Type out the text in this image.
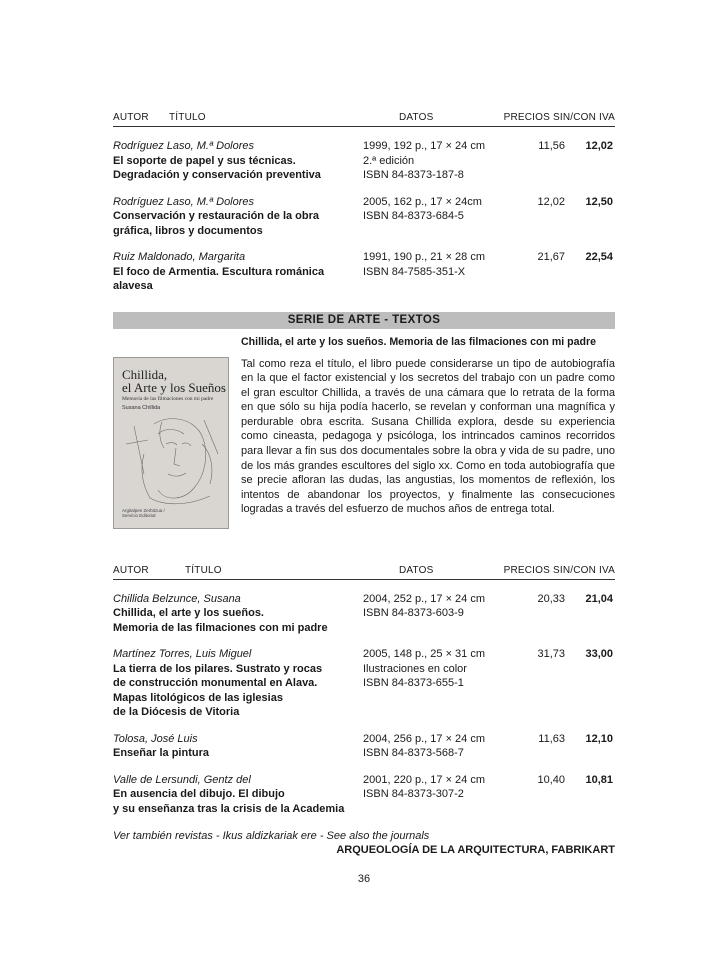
AUTOR TÍTULO	DATOS	PRECIOS SIN/CON IVA
Rodríguez Laso, M.ª Dolores
El soporte de papel y sus técnicas.
Degradación y conservación preventiva
1999, 192 p., 17 × 24 cm
2.ª edición
ISBN 84-8373-187-8
11,56 12,02
Rodríguez Laso, M.ª Dolores
Conservación y restauración de la obra
gráfica, libros y documentos
2005, 162 p., 17 × 24cm
ISBN 84-8373-684-5
12,02 12,50
Ruiz Maldonado, Margarita
El foco de Armentia. Escultura románica
alavesa
1991, 190 p., 21 × 28 cm
ISBN 84-7585-351-X
21,67 22,54
SERIE DE ARTE - TEXTOS
Chillida,
el Arte y los Sueños
Memoria de las filmaciones con mi padre
Susana Chillida
Argitalpen Zerbitzua / Servicio Editorial
Chillida, el arte y los sueños. Memoria de las filmaciones con mi padre

Tal como reza el título, el libro puede considerarse un tipo de autobiografía en la que el factor existencial y los secretos del trabajo con un padre como el gran escultor Chillida, a través de una cámara que lo retrata de la forma en que sólo su hija podía hacerlo, se revelan y conforman una magnífica y perdurable obra escrita. Susana Chillida explora, desde su experiencia como cineasta, pedagoga y psicóloga, los intrincados caminos recorridos para llevar a fin sus dos documentales sobre la obra y vida de su padre, uno de los más grandes escultores del siglo xx. Como en toda autobiografía que se precie afloran las dudas, las angustias, los momentos de reflexión, los intentos de abandonar los proyectos, y finalmente las consecuciones logradas a través del esfuerzo de muchos años de entrega total.

AUTOR	TÍTULO	DATOS	PRECIOS SIN/CON IVA
Chillida Belzunce, Susana
Chillida, el arte y los sueños.
Memoria de las filmaciones con mi padre
2004, 252 p., 17 × 24 cm
ISBN 84-8373-603-9
20,33 21,04
Martínez Torres, Luis Miguel
La tierra de los pilares. Sustrato y rocas
de construcción monumental en Alava.
Mapas litológicos de las iglesias
de la Diócesis de Vitoria
2005, 148 p., 25 × 31 cm
Ilustraciones en color
ISBN 84-8373-655-1
31,73 33,00
Tolosa, José Luis
Enseñar la pintura
2004, 256 p., 17 × 24 cm
ISBN 84-8373-568-7
11,63 12,10
Valle de Lersundi, Gentz del
En ausencia del dibujo. El dibujo
y su enseñanza tras la crisis de la Academia
2001, 220 p., 17 × 24 cm
ISBN 84-8373-307-2
10,40 10,81
Ver también revistas - Ikus aldizkariak ere - See also the journals
ARQUEOLOGÍA DE LA ARQUITECTURA, FABRIKART
36
